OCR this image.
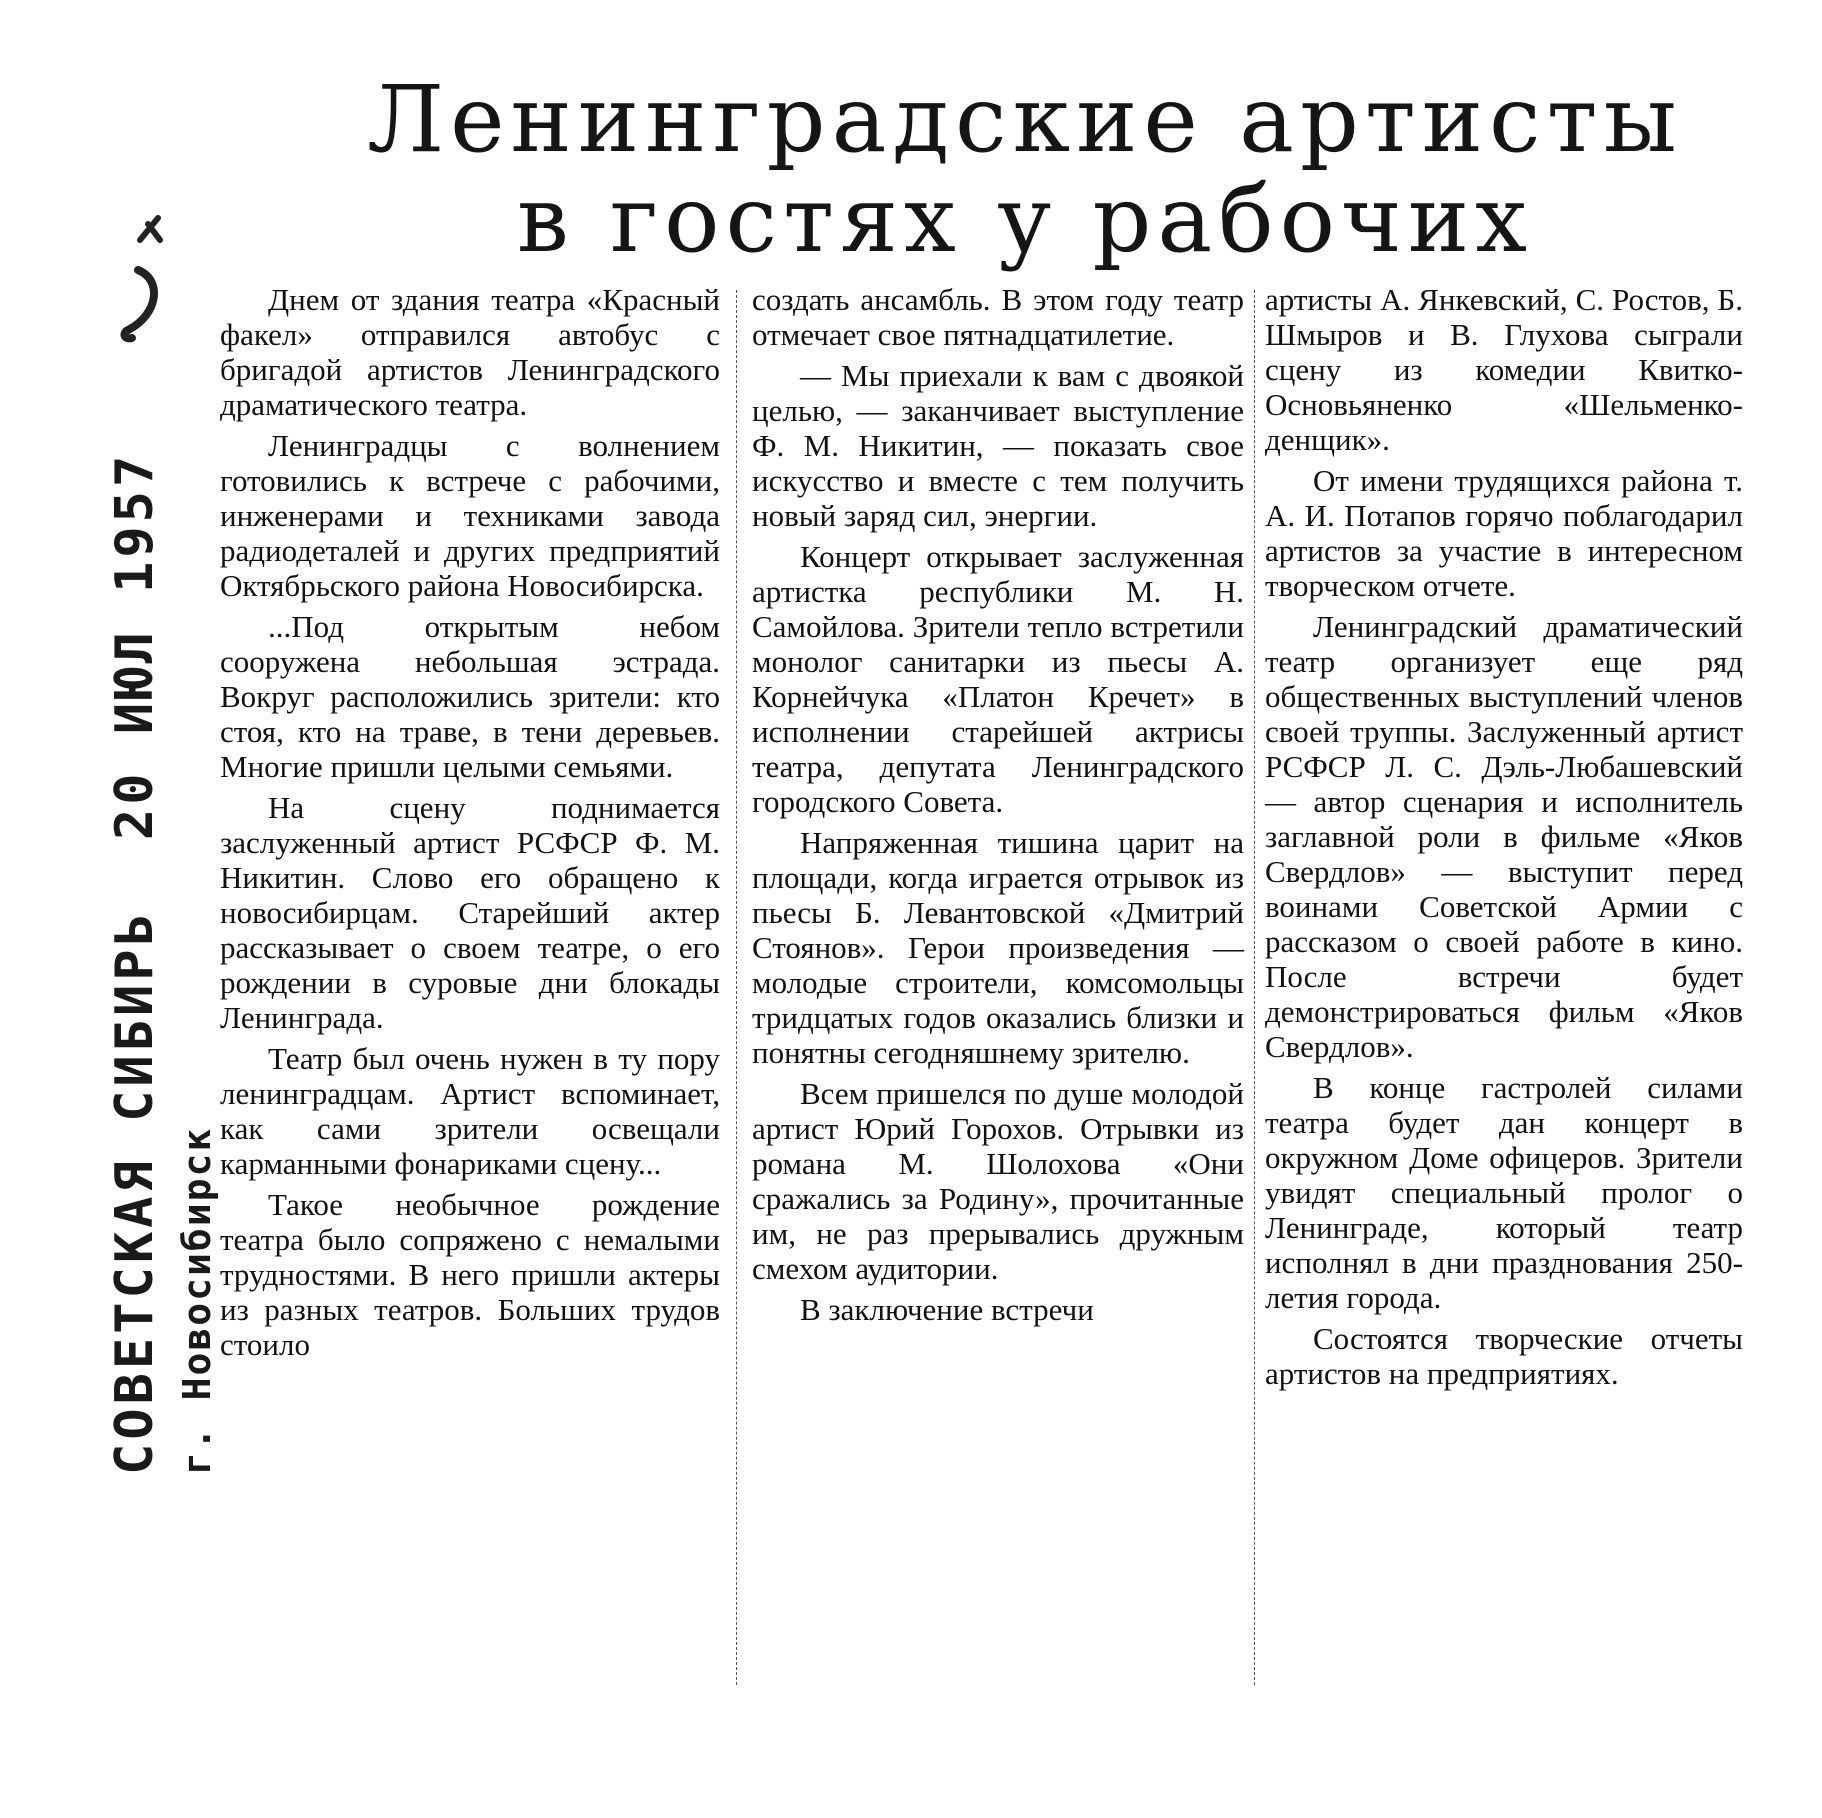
Ленинградские артисты
в гостях у рабочих
СОВЕТСКАЯ СИБИРЬ20 ИЮЛ 1957
г. Новосибирск

Днем от здания театра «Красный факел» отправился автобус с бригадой артистов Ленинградского драматического театра.

Ленинградцы с волнением готовились к встрече с рабочими, инженерами и техниками завода радиодеталей и других предприятий Октябрьского района Новосибирска.

...Под открытым небом сооружена небольшая эстрада. Вокруг расположились зрители: кто стоя, кто на траве, в тени деревьев. Многие пришли целыми семьями.

На сцену поднимается заслуженный артист РСФСР Ф. М. Никитин. Слово его обращено к новосибирцам. Старейший актер рассказывает о своем театре, о его рождении в суровые дни блокады Ленинграда.

Театр был очень нужен в ту пору ленинградцам. Артист вспоминает, как сами зрители освещали карманными фонариками сцену...

Такое необычное рождение театра было сопряжено с немалыми трудностями. В него пришли актеры из разных театров. Больших трудов стоило

создать ансамбль. В этом году театр отмечает свое пятнадцатилетие.

— Мы приехали к вам с двоякой целью, — заканчивает выступление Ф. М. Никитин, — показать свое искусство и вместе с тем получить новый заряд сил, энергии.

Концерт открывает заслуженная артистка республики М. Н. Самойлова. Зрители тепло встретили монолог санитарки из пьесы А. Корнейчука «Платон Кречет» в исполнении старейшей актрисы театра, депутата Ленинградского городского Совета.

Напряженная тишина царит на площади, когда играется отрывок из пьесы Б. Левантовской «Дмитрий Стоянов». Герои произведения — молодые строители, комсомольцы тридцатых годов оказались близки и понятны сегодняшнему зрителю.

Всем пришелся по душе молодой артист Юрий Горохов. Отрывки из романа М. Шолохова «Они сражались за Родину», прочитанные им, не раз прерывались дружным смехом аудитории.

В заключение встречи

артисты А. Янкевский, С. Ростов, Б. Шмыров и В. Глухова сыграли сцену из комедии Квитко-Основьяненко «Шельменко-денщик».

От имени трудящихся района т. А. И. Потапов горячо поблагодарил артистов за участие в интересном творческом отчете.

Ленинградский драматический театр организует еще ряд общественных выступлений членов своей труппы. Заслуженный артист РСФСР Л. С. Дэль-Любашевский — автор сценария и исполнитель заглавной роли в фильме «Яков Свердлов» — выступит перед воинами Советской Армии с рассказом о своей работе в кино. После встречи будет демонстрироваться фильм «Яков Свердлов».

В конце гастролей силами театра будет дан концерт в окружном Доме офицеров. Зрители увидят специальный пролог о Ленинграде, который театр исполнял в дни празднования 250-летия города.

Состоятся творческие отчеты артистов на предприятиях.
